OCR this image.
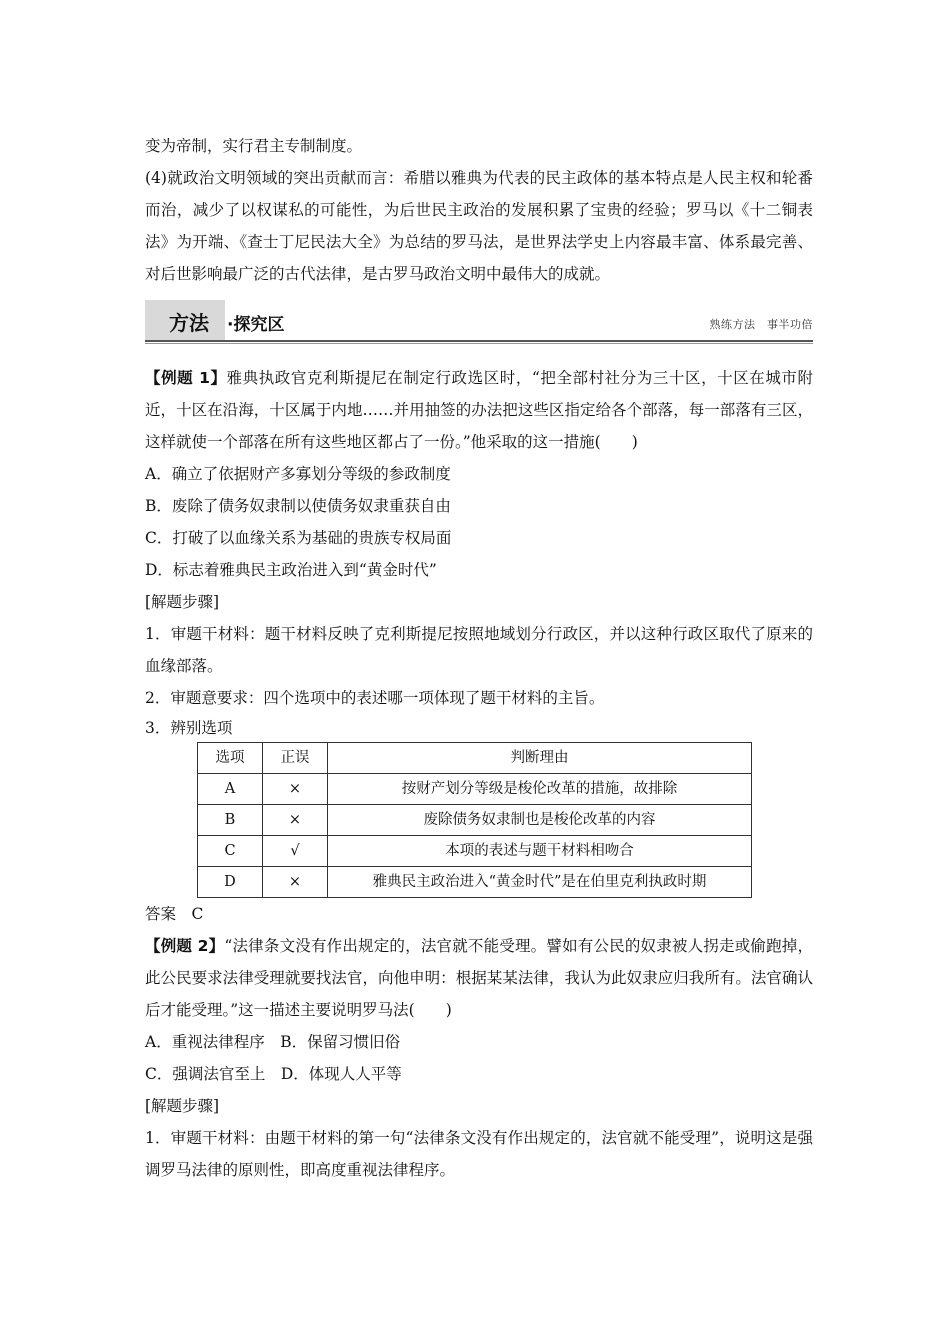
变为帝制，实行君主专制制度。

(4)就政治文明领域的突出贡献而言：希腊以雅典为代表的民主政体的基本特点是人民主权和轮番而治，减少了以权谋私的可能性，为后世民主政治的发展积累了宝贵的经验；罗马以《十二铜表法》为开端、《查士丁尼民法大全》为总结的罗马法，是世界法学史上内容最丰富、体系最完善、对后世影响最广泛的古代法律，是古罗马政治文明中最伟大的成就。

方法 ·探究区	熟练方法　事半功倍

【例题 1】雅典执政官克利斯提尼在制定行政选区时，“把全部村社分为三十区，十区在城市附近，十区在沿海，十区属于内地……并用抽签的办法把这些区指定给各个部落，每一部落有三区，这样就使一个部落在所有这些地区都占了一份。”他采取的这一措施(　　)

A．确立了依据财产多寡划分等级的参政制度

B．废除了债务奴隶制以使债务奴隶重获自由

C．打破了以血缘关系为基础的贵族专权局面

D．标志着雅典民主政治进入到“黄金时代”

[解题步骤]

1．审题干材料：题干材料反映了克利斯提尼按照地域划分行政区，并以这种行政区取代了原来的血缘部落。

2．审题意要求：四个选项中的表述哪一项体现了题干材料的主旨。

3．辨别选项

选项	正误	判断理由
A	×	按财产划分等级是梭伦改革的措施，故排除
B	×	废除债务奴隶制也是梭伦改革的内容
C	√	本项的表述与题干材料相吻合
D	×	雅典民主政治进入“黄金时代”是在伯里克利执政时期

答案　C

【例题 2】“法律条文没有作出规定的，法官就不能受理。譬如有公民的奴隶被人拐走或偷跑掉，此公民要求法律受理就要找法官，向他申明：根据某某法律，我认为此奴隶应归我所有。法官确认后才能受理。”这一描述主要说明罗马法(　　)

A．重视法律程序　B．保留习惯旧俗

C．强调法官至上　D．体现人人平等

[解题步骤]

1．审题干材料：由题干材料的第一句“法律条文没有作出规定的，法官就不能受理”，说明这是强调罗马法律的原则性，即高度重视法律程序。
